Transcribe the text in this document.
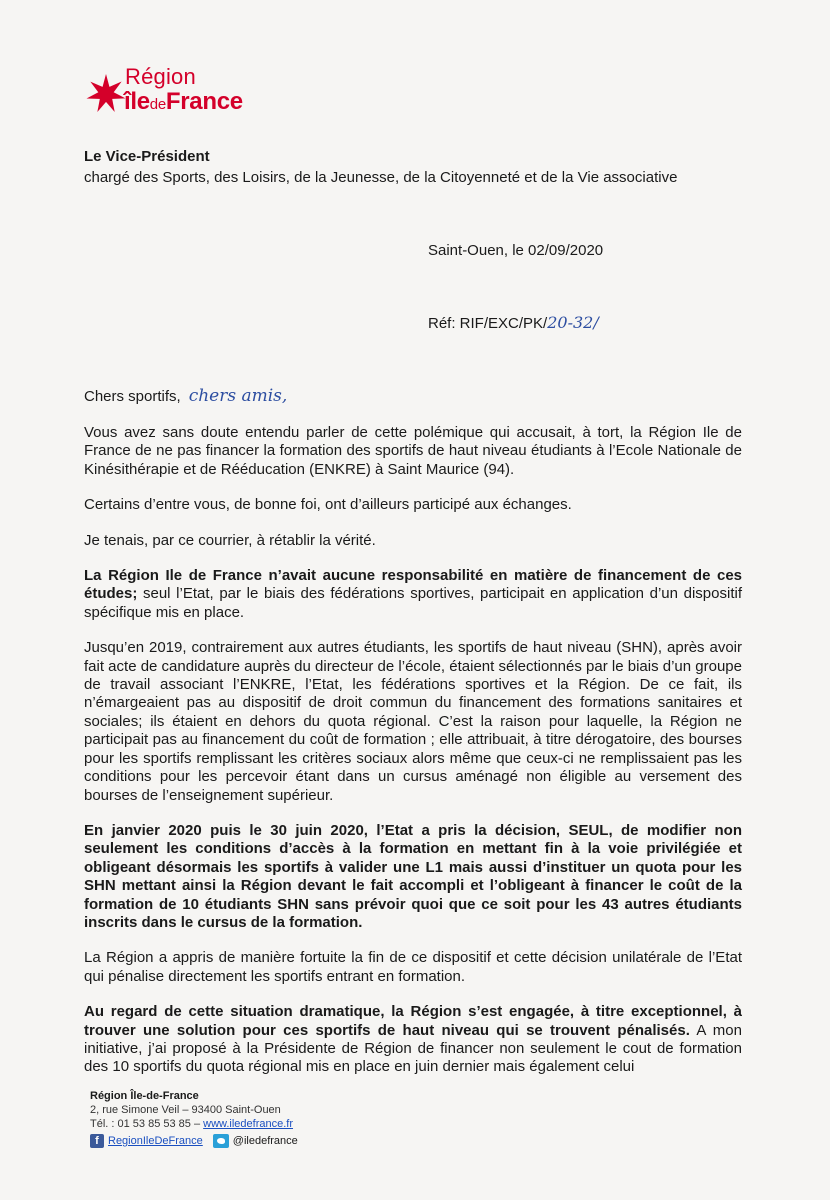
Région
îledeFrance

Le Vice-Président

chargé des Sports, des Loisirs, de la Jeunesse, de la Citoyenneté et de la Vie associative

Saint-Ouen, le 02/09/2020
Réf: RIF/EXC/PK/20-32/
Chers sportifs, chers amis,

Vous avez sans doute entendu parler de cette polémique qui accusait, à tort, la Région Ile de France de ne pas financer la formation des sportifs de haut niveau étudiants à l’Ecole Nationale de Kinésithérapie et de Rééducation (ENKRE) à Saint Maurice (94).

Certains d’entre vous, de bonne foi, ont d’ailleurs participé aux échanges.

Je tenais, par ce courrier, à rétablir la vérité.

La Région Ile de France n’avait aucune responsabilité en matière de financement de ces études; seul l’Etat, par le biais des fédérations sportives, participait en application d’un dispositif spécifique mis en place.

Jusqu’en 2019, contrairement aux autres étudiants, les sportifs de haut niveau (SHN), après avoir fait acte de candidature auprès du directeur de l’école, étaient sélectionnés par le biais d’un groupe de travail associant l’ENKRE, l’Etat, les fédérations sportives et la Région. De ce fait, ils n’émargeaient pas au dispositif de droit commun du financement des formations sanitaires et sociales; ils étaient en dehors du quota régional. C’est la raison pour laquelle, la Région ne participait pas au financement du coût de formation ; elle attribuait, à titre dérogatoire, des bourses pour les sportifs remplissant les critères sociaux alors même que ceux-ci ne remplissaient pas les conditions pour les percevoir étant dans un cursus aménagé non éligible au versement des bourses de l’enseignement supérieur.

En janvier 2020 puis le 30 juin 2020, l’Etat a pris la décision, SEUL, de modifier non seulement les conditions d’accès à la formation en mettant fin à la voie privilégiée et obligeant désormais les sportifs à valider une L1 mais aussi d’instituer un quota pour les SHN mettant ainsi la Région devant le fait accompli et l’obligeant à financer le coût de la formation de 10 étudiants SHN sans prévoir quoi que ce soit pour les 43 autres étudiants inscrits dans le cursus de la formation.

La Région a appris de manière fortuite la fin de ce dispositif et cette décision unilatérale de l’Etat qui pénalise directement les sportifs entrant en formation.

Au regard de cette situation dramatique, la Région s’est engagée, à titre exceptionnel, à trouver une solution pour ces sportifs de haut niveau qui se trouvent pénalisés. A mon initiative, j’ai proposé à la Présidente de Région de financer non seulement le cout de formation des 10 sportifs du quota régional mis en place en juin dernier mais également celui

Région Île-de-France

2, rue Simone Veil – 93400 Saint-Ouen

Tél. : 01 53 85 53 85 – www.iledefrance.fr

f RegionIleDeFrance	@iledefrance
